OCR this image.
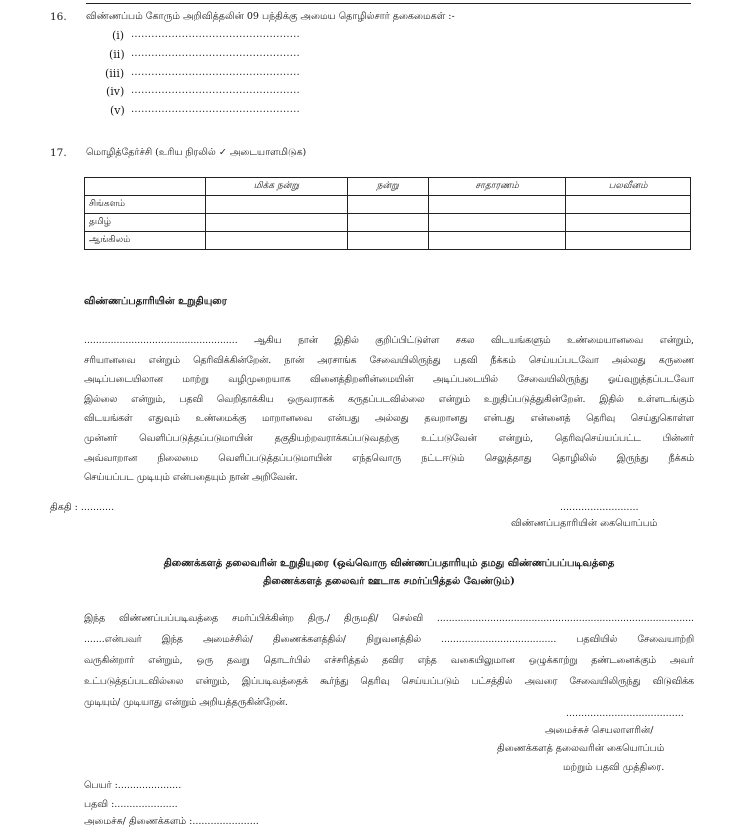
16. விண்ணப்பம் கோரும் அறிவித்தலின் 09 பந்திக்கு அமைய தொழில்சார் தகைமைகள் :-
(i) ..................................................
(ii) ..................................................
(iii) ..................................................
(iv) ..................................................
(v) ..................................................
17. மொழித்தேர்ச்சி (உரிய நிரலில் ✓ அடையாளமிடுக)
	மிக்க நன்று	நன்று	சாதாரணம்	பலவீனம்
சிங்களம்				
தமிழ்				
ஆங்கிலம்				
விண்ணப்பதாரியின் உறுதியுரை
.................................................... ஆகிய நான் இதில் குறிப்பிட்டுள்ள சகல விடயங்களும் உண்மையானவை என்றும்,
சரியானவை என்றும் தெரிவிக்கின்றேன். நான் அரசாங்க சேவையிலிருந்து பதவி நீக்கம் செய்யப்படவோ அல்லது கருணை
அடிப்படையிலான மாற்று வழிமுறையாக வினைத்திறனின்மையின் அடிப்படையில் சேவையிலிருந்து ஓய்வுறுத்தப்படவோ
இல்லை என்றும், பதவி வெறிதாக்கிய ஒருவராகக் கருதப்படவில்லை என்றும் உறுதிப்படுத்துகின்றேன். இதில் உள்ளடங்கும்
விடயங்கள் எதுவும் உண்மைக்கு மாறானவை என்பது அல்லது தவறானது என்பது என்னைத் தெரிவு செய்துகொள்ள
முன்னர் வெளிப்படுத்தப்படுமாயின் தகுதியற்றவராக்கப்படுவதற்கு உட்படுவேன் என்றும், தெரிவுசெய்யப்பட்ட பின்னர்
அவ்வாறான நிலைமை வெளிப்படுத்தப்படுமாயின் எந்தவொரு நட்டஈடும் செலுத்தாது தொழிலில் இருந்து நீக்கம்
செய்யப்பட முடியும் என்பதையும் நான் அறிவேன்.
திகதி : ...........	..........................
விண்ணப்பதாரியின் கையொப்பம்
திணைக்களத் தலைவரின் உறுதியுரை (ஒவ்வொரு விண்ணப்பதாரியும் தமது விண்ணப்பப்படிவத்தை
திணைக்களத் தலைவர் ஊடாக சமர்ப்பித்தல் வேண்டும்)
இந்த விண்ணப்பப்படிவத்தை சமர்ப்பிக்கின்ற திரு./ திருமதி/ செல்வி .......................................................................................
.......என்பவர் இந்த அமைச்சில்/ திணைக்களத்தில்/ நிறுவனத்தில் ....................................... பதவியில் சேவையாற்றி
வருகின்றார் என்றும், ஒரு தவறு தொடர்பில் எச்சரித்தல் தவிர எந்த வகையிலுமான ஒழுக்காற்று தண்டனைக்கும் அவர்
உட்படுத்தப்படவில்லை என்றும், இப்படிவத்தைக் கூர்ந்து தெரிவு செய்யப்படும் பட்சத்தில் அவரை சேவையிலிருந்து விடுவிக்க
முடியும்/ முடியாது என்றும் அறியத்தருகின்றேன்.
.......................................
அமைச்சுச் செயலாளரின்/
திணைக்களத் தலைவரின் கையொப்பம்
மற்றும் பதவி முத்திரை.
பெயர் :.....................
பதவி :.....................
அமைச்சு/ திணைக்களம் :......................
